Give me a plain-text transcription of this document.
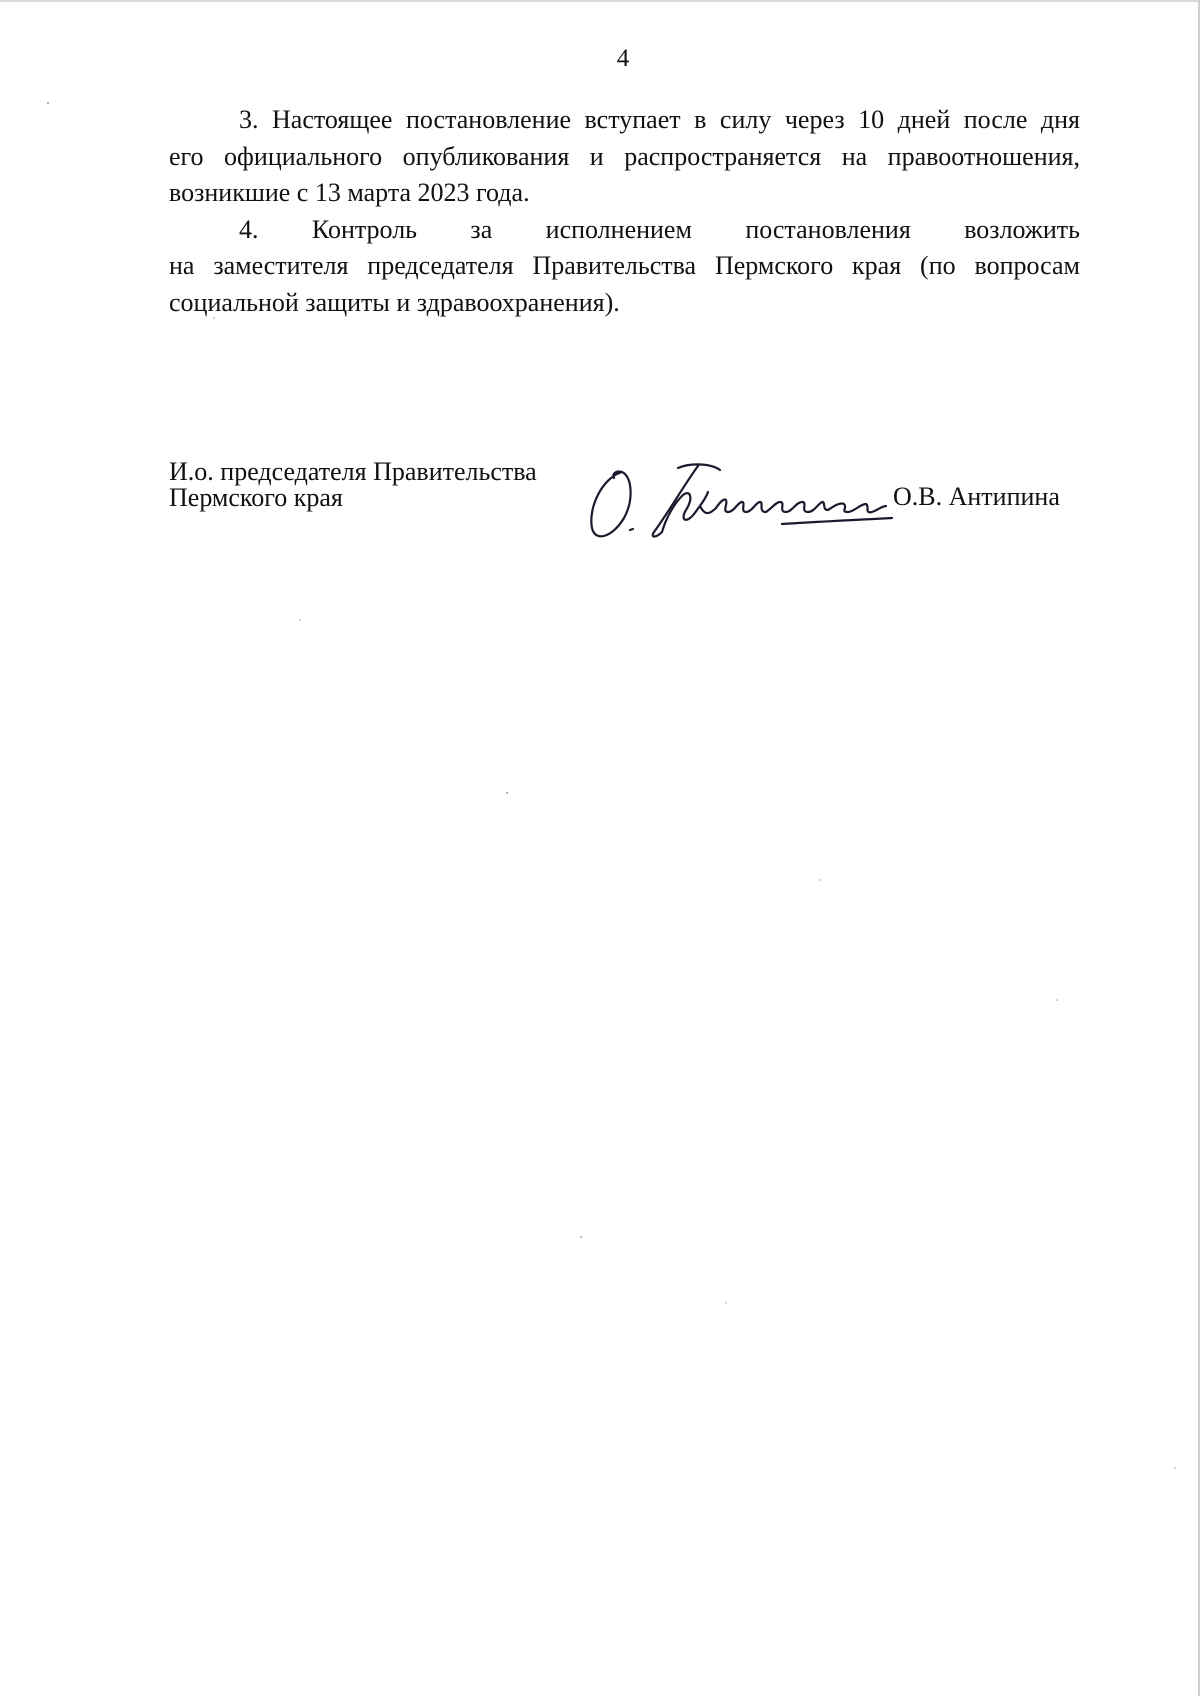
4

3. Настоящее постановление вступает в силу через 10 дней после дня
его официального опубликования и распространяется на правоотношения, возникшие с 13 марта 2023 года.

4. Контроль за исполнением постановления возложить
на заместителя председателя Правительства Пермского края (по вопросам социальной защиты и здравоохранения).

И.о. председателя Правительства
Пермского края	О.В. Антипина
